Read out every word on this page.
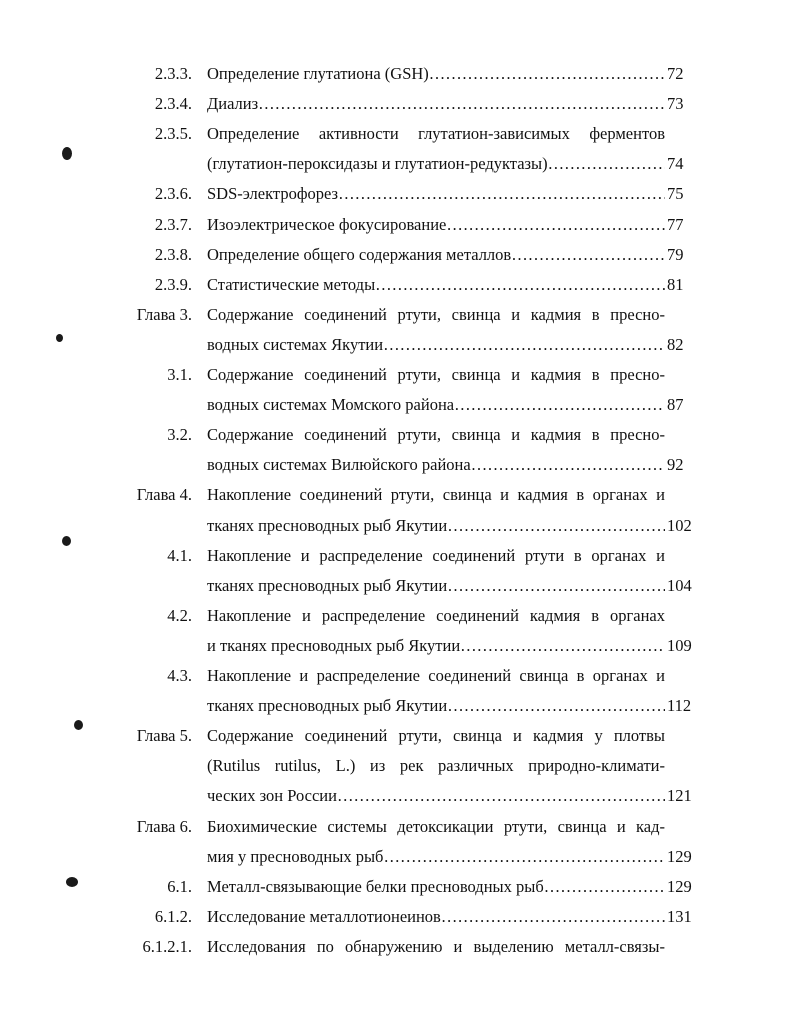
2.3.3. Определение глутатиона (GSH) ……………………………………………………………………………………………………………………………………………………	72
2.3.4. Диализ ……………………………………………………………………………………………………………………………………………………	73
2.3.5. Определение активности глутатион-зависимых ферментов
(глутатион-пероксидазы и глутатион-редуктазы) ……………………………………………………………………………………………………………………………………………………	74
2.3.6. SDS-электрофорез ……………………………………………………………………………………………………………………………………………………	75
2.3.7. Изоэлектрическое фокусирование ……………………………………………………………………………………………………………………………………………………	77
2.3.8. Определение общего содержания металлов ……………………………………………………………………………………………………………………………………………………	79
2.3.9. Статистические методы ……………………………………………………………………………………………………………………………………………………	81
Глава 3. Содержание соединений ртути, свинца и кадмия в пресно-
водных системах Якутии ……………………………………………………………………………………………………………………………………………………	82
3.1. Содержание соединений ртути, свинца и кадмия в пресно-
водных системах Момского района ……………………………………………………………………………………………………………………………………………………	87
3.2. Содержание соединений ртути, свинца и кадмия в пресно-
водных системах Вилюйского района ……………………………………………………………………………………………………………………………………………………	92
Глава 4. Накопление соединений ртути, свинца и кадмия в органах и
тканях пресноводных рыб Якутии ……………………………………………………………………………………………………………………………………………………	102
4.1. Накопление и распределение соединений ртути в органах и
тканях пресноводных рыб Якутии ……………………………………………………………………………………………………………………………………………………	104
4.2. Накопление и распределение соединений кадмия в органах
и тканях пресноводных рыб Якутии ……………………………………………………………………………………………………………………………………………………	109
4.3. Накопление и распределение соединений свинца в органах и
тканях пресноводных рыб Якутии ……………………………………………………………………………………………………………………………………………………	112
Глава 5. Содержание соединений ртути, свинца и кадмия у плотвы
(Rutilus rutilus, L.) из рек различных природно-климати-
ческих зон России ……………………………………………………………………………………………………………………………………………………	121
Глава 6. Биохимические системы детоксикации ртути, свинца и кад-
мия у пресноводных рыб ……………………………………………………………………………………………………………………………………………………	129
6.1. Металл-связывающие белки пресноводных рыб ……………………………………………………………………………………………………………………………………………………	129
6.1.2. Исследование металлотионеинов ……………………………………………………………………………………………………………………………………………………	131
6.1.2.1. Исследования по обнаружению и выделению металл-связы-
